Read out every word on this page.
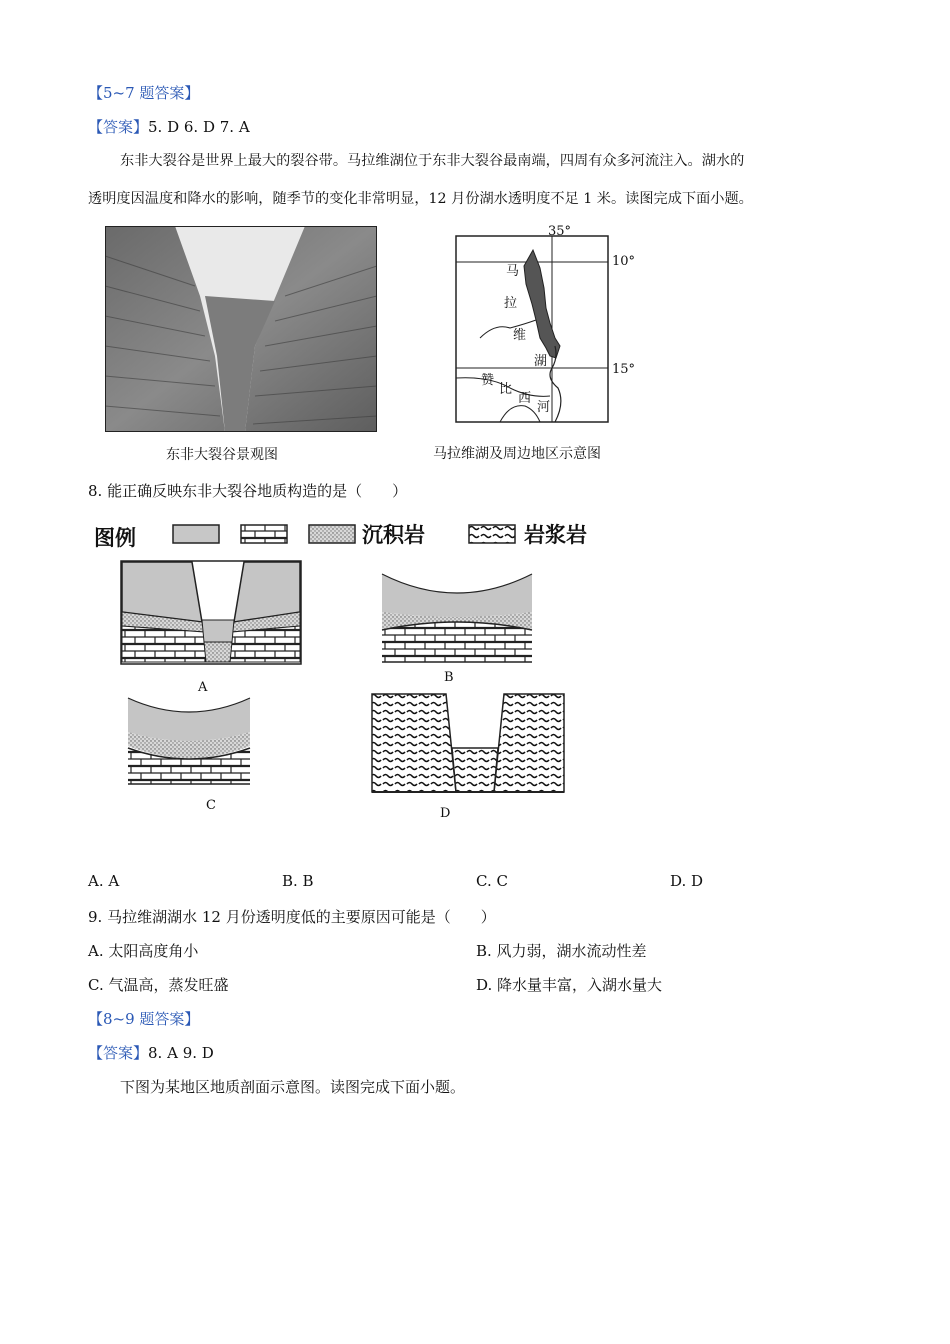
【5~7 题答案】
【答案】5. D 6. D 7. A
东非大裂谷是世界上最大的裂谷带。马拉维湖位于东非大裂谷最南端，四周有众多河流注入。湖水的
透明度因温度和降水的影响，随季节的变化非常明显，12 月份湖水透明度不足 1 米。读图完成下面小题。
东非大裂谷景观图
35°
10°
15°
马
拉
维
湖
赞
比
西
河
马拉维湖及周边地区示意图
8. 能正确反映东非大裂谷地质构造的是（　　）
图例	沉积岩	岩浆岩
A
B
C
D
A. A	B. B	C. C	D. D
9. 马拉维湖湖水 12 月份透明度低的主要原因可能是（　　）
A. 太阳高度角小	B. 风力弱，湖水流动性差
C. 气温高，蒸发旺盛	D. 降水量丰富，入湖水量大
【8~9 题答案】
【答案】8. A 9. D
下图为某地区地质剖面示意图。读图完成下面小题。
